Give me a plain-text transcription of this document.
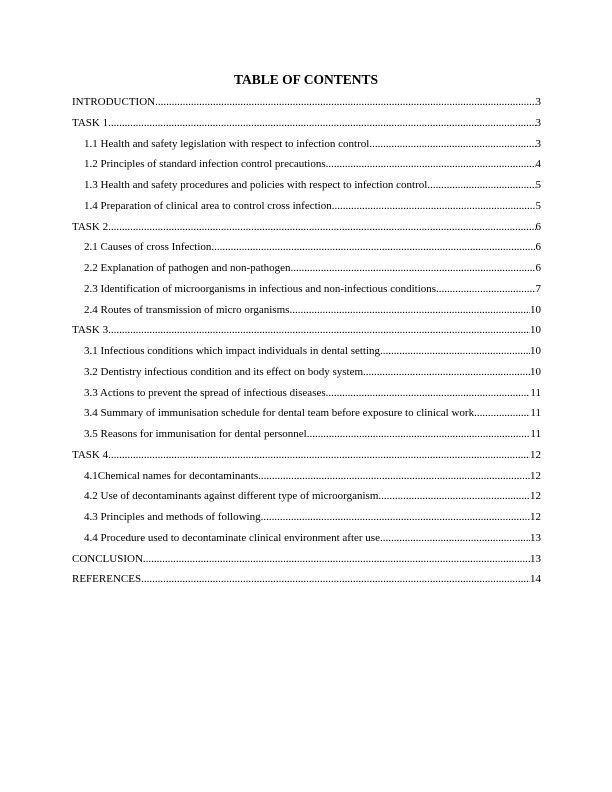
TABLE OF CONTENTS
INTRODUCTION .....	3
TASK 1 .....	3
1.1 Health and safety legislation with respect to infection control .....	3
1.2 Principles of standard infection control precautions .....	4
1.3 Health and safety procedures and policies with respect to infection control .....	5
1.4 Preparation of clinical area to control cross infection .....	5
TASK 2 .....	6
2.1 Causes of cross Infection .....	6
2.2 Explanation of pathogen and non-pathogen .....	6
2.3 Identification of microorganisms in infectious and non-infectious conditions .....	7
2.4 Routes of transmission of micro organisms .....	10
TASK 3 .....	10
3.1 Infectious conditions which impact individuals in dental setting .....	10
3.2 Dentistry infectious condition and its effect on body system .....	10
3.3 Actions to prevent the spread of infectious diseases .....	11
3.4 Summary of immunisation schedule for dental team before exposure to clinical work .....	11
3.5 Reasons for immunisation for dental personnel .....	11
TASK 4 .....	12
4.1Chemical names for decontaminants .....	12
4.2 Use of decontaminants against different type of microorganism .....	12
4.3 Principles and methods of following .....	12
4.4 Procedure used to decontaminate clinical environment after use .....	13
CONCLUSION .....	13
REFERENCES .....	14
